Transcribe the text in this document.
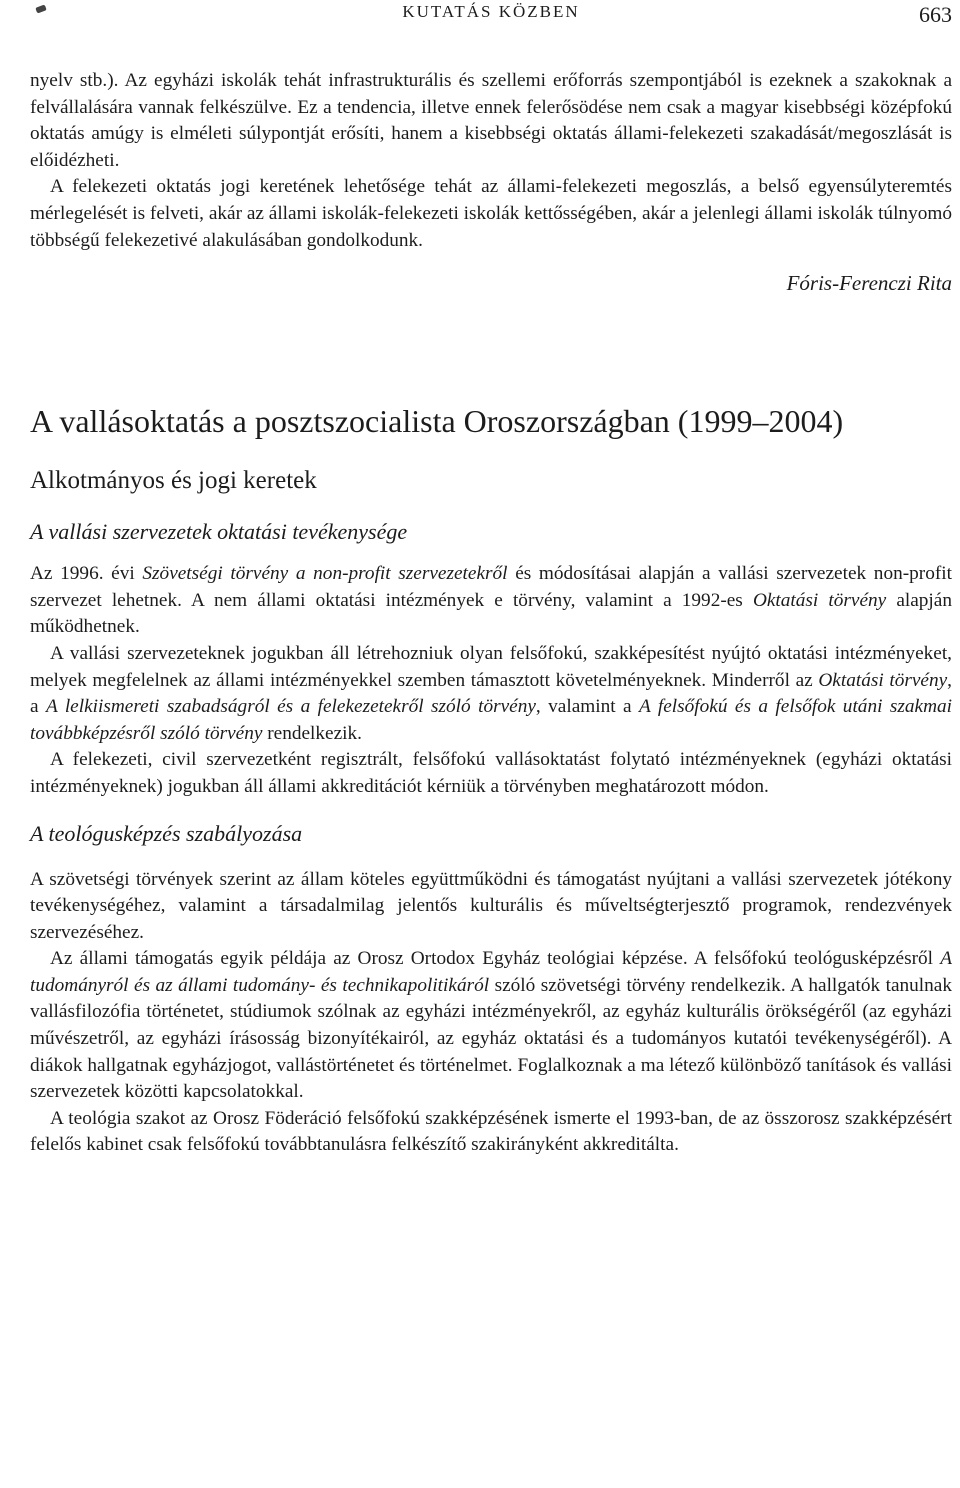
KUTATÁS KÖZBEN	663

nyelv stb.). Az egyházi iskolák tehát infrastrukturális és szellemi erőforrás szempontjából is ezeknek a szakoknak a felvállalására vannak felkészülve. Ez a tendencia, illetve ennek felerősödése nem csak a magyar kisebbségi középfokú oktatás amúgy is elméleti súlypontját erősíti, hanem a kisebbségi oktatás állami-felekezeti szakadását/megoszlását is előidézheti.

A felekezeti oktatás jogi keretének lehetősége tehát az állami-felekezeti megoszlás, a belső egyensúlyteremtés mérlegelését is felveti, akár az állami iskolák-felekezeti iskolák kettősségében, akár a jelenlegi állami iskolák túlnyomó többségű felekezetivé alakulásában gondolkodunk.

Fóris-Ferenczi Rita
A vallásoktatás a posztszocialista Oroszországban (1999–2004)
Alkotmányos és jogi keretek
A vallási szervezetek oktatási tevékenysége

Az 1996. évi Szövetségi törvény a non-profit szervezetekről és módosításai alapján a vallási szervezetek non-profit szervezet lehetnek. A nem állami oktatási intézmények e törvény, valamint a 1992-es Oktatási törvény alapján működhetnek.

A vallási szervezeteknek jogukban áll létrehozniuk olyan felsőfokú, szakképesítést nyújtó oktatási intézményeket, melyek megfelelnek az állami intézményekkel szemben támasztott követelményeknek. Minderről az Oktatási törvény, a A lelkiismereti szabadságról és a felekezetekről szóló törvény, valamint a A felsőfokú és a felsőfok utáni szakmai továbbképzésről szóló törvény rendelkezik.

A felekezeti, civil szervezetként regisztrált, felsőfokú vallásoktatást folytató intézményeknek (egyházi oktatási intézményeknek) jogukban áll állami akkreditációt kérniük a törvényben meghatározott módon.

A teológusképzés szabályozása

A szövetségi törvények szerint az állam köteles együttműködni és támogatást nyújtani a vallási szervezetek jótékony tevékenységéhez, valamint a társadalmilag jelentős kulturális és műveltségterjesztő programok, rendezvények szervezéséhez.

Az állami támogatás egyik példája az Orosz Ortodox Egyház teológiai képzése. A felsőfokú teológusképzésről A tudományról és az állami tudomány- és technikapolitikáról szóló szövetségi törvény rendelkezik. A hallgatók tanulnak vallásfilozófia történetet, stúdiumok szólnak az egyházi intézményekről, az egyház kulturális örökségéről (az egyházi művészetről, az egyházi írásosság bizonyítékairól, az egyház oktatási és a tudományos kutatói tevékenységéről). A diákok hallgatnak egyházjogot, vallástörténetet és történelmet. Foglalkoznak a ma létező különböző tanítások és vallási szervezetek közötti kapcsolatokkal.

A teológia szakot az Orosz Föderáció felsőfokú szakképzésének ismerte el 1993-ban, de az összorosz szakképzésért felelős kabinet csak felsőfokú továbbtanulásra felkészítő szakirányként akkreditálta.
